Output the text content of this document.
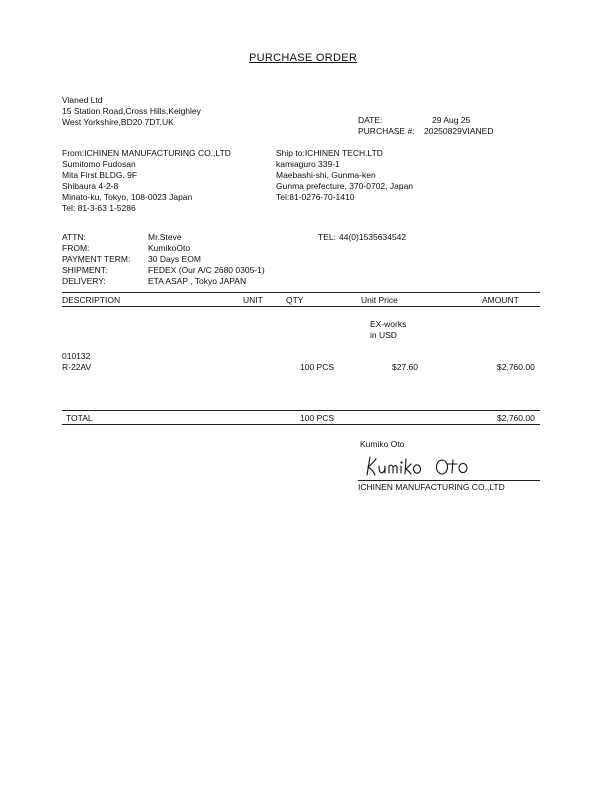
PURCHASE ORDER
Vianed Ltd
15 Station Road,Cross Hills,Keighley
West Yorkshire,BD20 7DT,UK	DATE:	29 Aug 25
PURCHASE #: 20250829VIANED
From:ICHINEN MANUFACTURING CO.,LTD
Sumitomo Fudosan
Mita First BLDG. 9F
Shibaura 4-2-8
Minato-ku, Tokyo, 108-0023 Japan
Tel: 81-3-63 1-5286
Ship to:ICHINEN TECH.LTD
kamiaguro 339-1
Maebashi-shi, Gunma-ken
Gunma prefecture, 370-0702, Japan
Tel:81-0276-70-1410
ATTN:	Mr.Steve	TEL: 44(0)1535634542
FROM:	KumikoOto
PAYMENT TERM: 30 Days EOM
SHIPMENT:	FEDEX (Our A/C 2680 0305-1)
DELIVERY:	ETA ASAP , Tokyo JAPAN
DESCRIPTION	UNIT	QTY	Unit Price	AMOUNT
EX-works
in USD
010132
R-22AV	100 PCS	$27.60	$2,760.00
TOTAL	100 PCS	$2,760.00
Kumiko Oto
ICHINEN MANUFACTURING CO.,LTD
